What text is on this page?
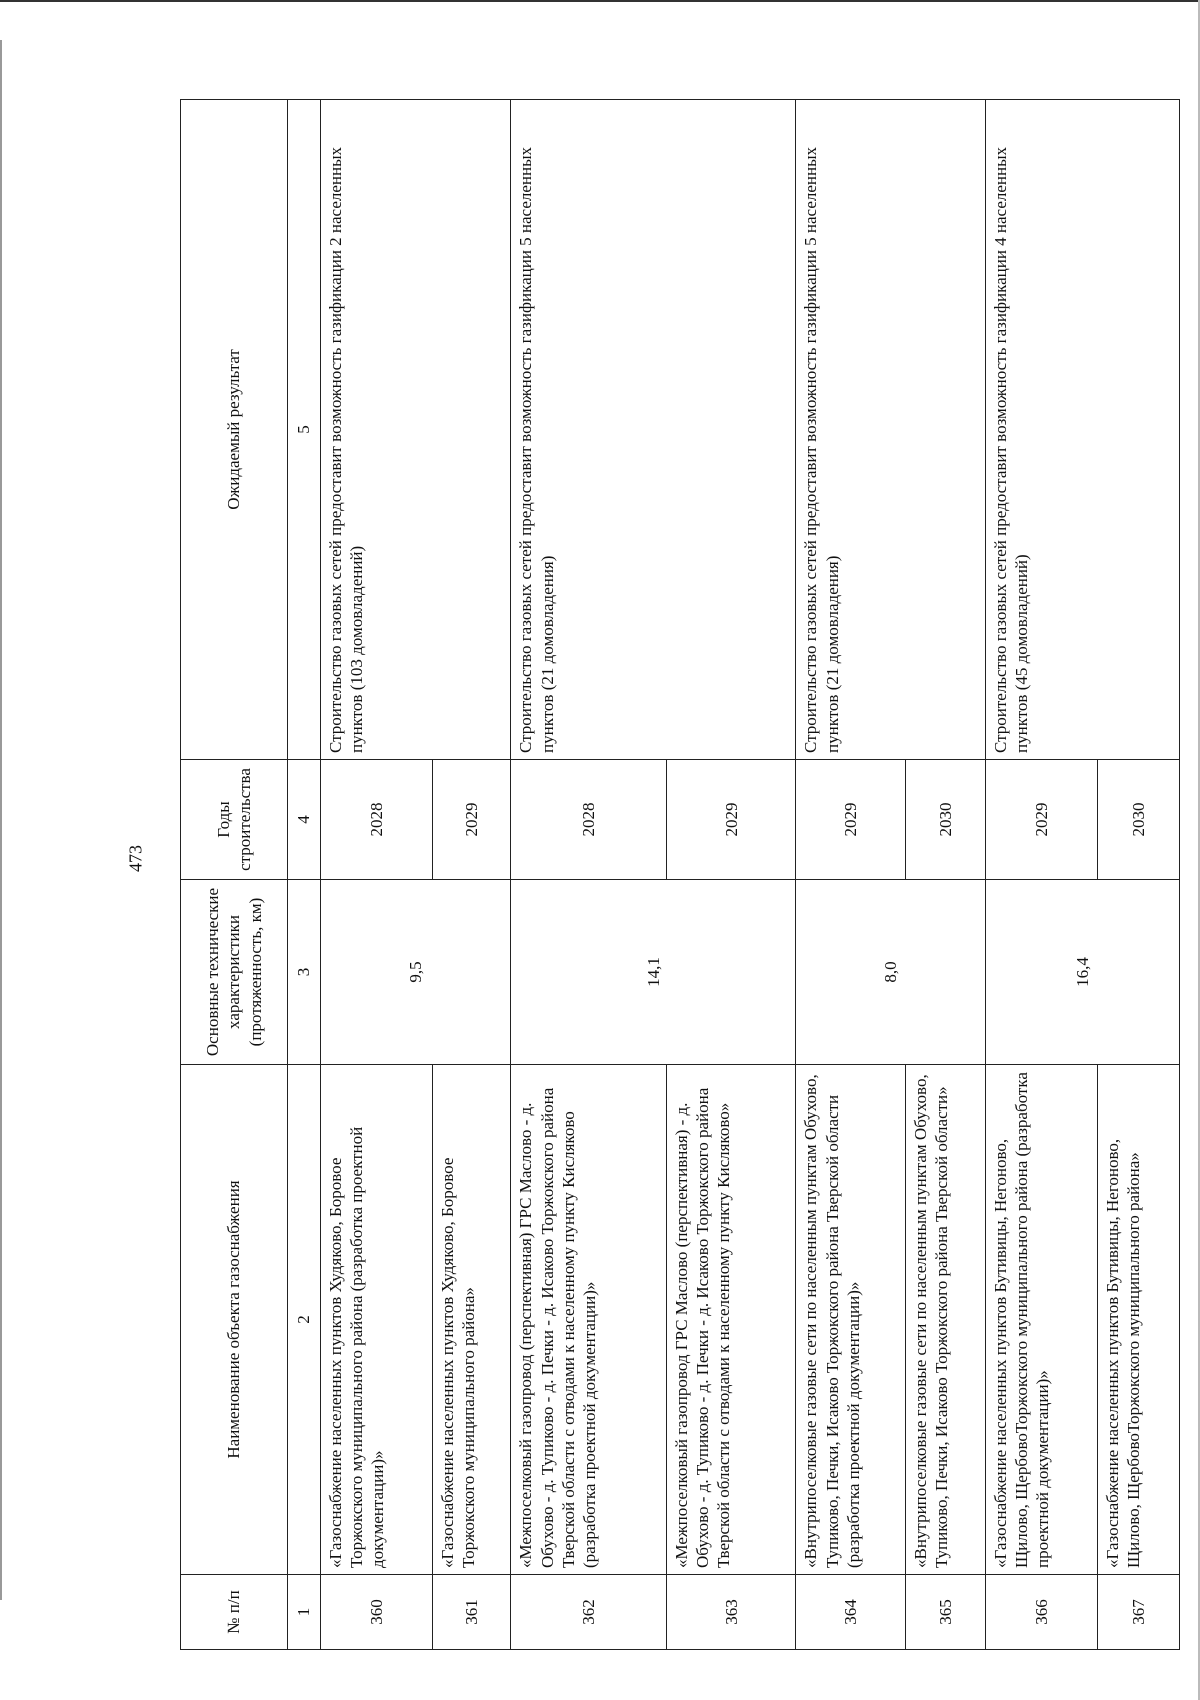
473
№ п/п	Наименование объекта газоснабжения	Основные технические характеристики (протяженность, км)	Годы строительства	Ожидаемый результат
1	2	3	4	5
360	«Газоснабжение населенных пунктов Худяково, Боровое Торжокского муниципального района (разработка проектной документации)»	9,5	2028	Строительство газовых сетей предоставит возможность газификации 2 населенных пунктов (103 домовладений)
361	«Газоснабжение населенных пунктов Худяково, Боровое Торжокского муниципального района»		2029	
362	«Межпоселковый газопровод (перспективная) ГРС Маслово - д. Обухово - д. Тупиково - д. Печки - д. Исаково Торжокского района Тверской области с отводами к населенному пункту Кисляково (разработка проектной документации)»	14,1	2028	Строительство газовых сетей предоставит возможность газификации 5 населенных пунктов (21 домовладения)
363	«Межпоселковый газопровод ГРС Маслово (перспективная) - д. Обухово - д. Тупиково - д. Печки - д. Исаково Торжокского района Тверской области с отводами к населенному пункту Кисляково»		2029	
364	«Внутрипоселковые газовые сети по населенным пунктам Обухово, Тупиково, Печки, Исаково Торжокского района Тверской области (разработка проектной документации)»	8,0	2029	Строительство газовых сетей предоставит возможность газификации 5 населенных пунктов (21 домовладения)
365	«Внутрипоселковые газовые сети по населенным пунктам Обухово, Тупиково, Печки, Исаково Торжокского района Тверской области»		2030	
366	«Газоснабжение населенных пунктов Бутивицы, Негоново, Щилово, ЩербовоТоржокского муниципального района (разработка проектной документации)»	16,4	2029	Строительство газовых сетей предоставит возможность газификации 4 населенных пунктов (45 домовладений)
367	«Газоснабжение населенных пунктов Бутивицы, Негоново, Щилово, ЩербовоТоржокского муниципального района»		2030	
